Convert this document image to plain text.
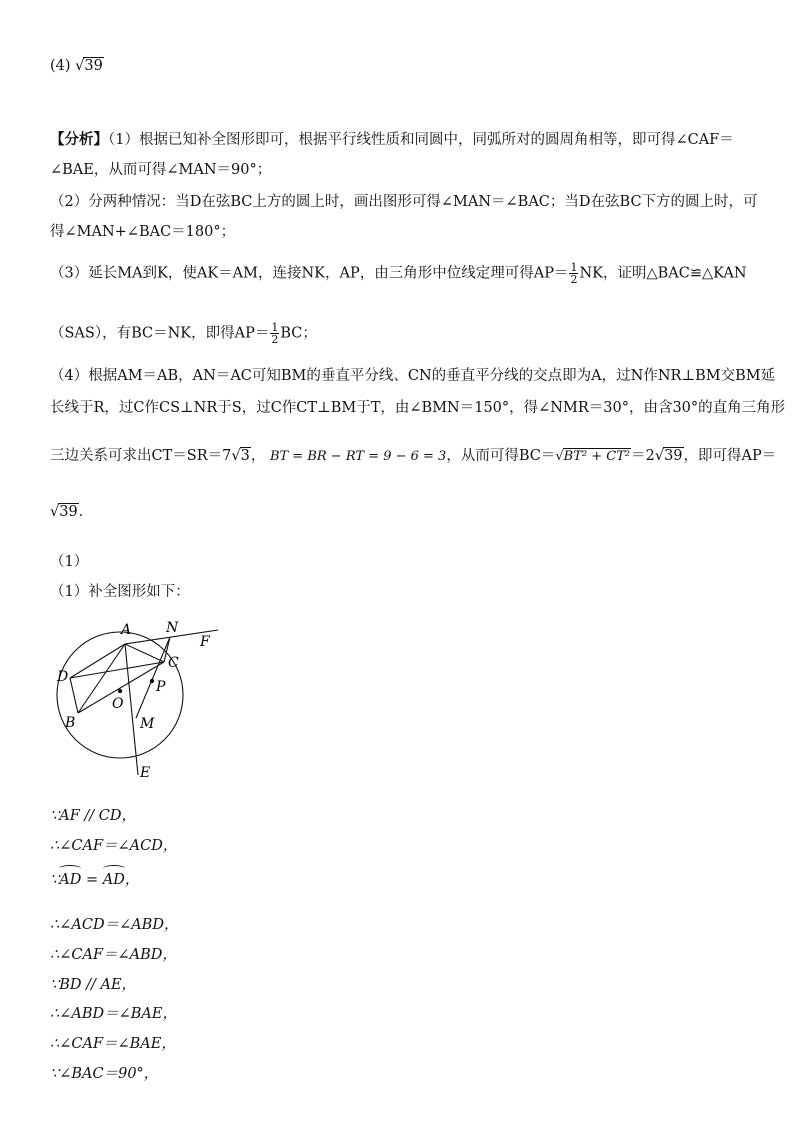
(4) √39
【分析】（1）根据已知补全图形即可，根据平行线性质和同圆中，同弧所对的圆周角相等，即可得∠CAF＝
∠BAE，从而可得∠MAN＝90°；
（2）分两种情况：当D在弦BC上方的圆上时，画出图形可得∠MAN＝∠BAC；当D在弦BC下方的圆上时，可
得∠MAN+∠BAC＝180°；
（3）延长MA到K，使AK＝AM，连接NK，AP，由三角形中位线定理可得$AP= \frac{1}{2}$ NK，证明△BAC≌△KAN
（SAS），有BC＝NK，即得$AP= \frac{1}{2}$ BC；
（4）根据AM＝AB，AN＝AC可知BM的垂直平分线、CN的垂直平分线的交点即为A，过N作NR⊥BM交BM延
长线于R，过C作CS⊥NR于S，过C作CT⊥BM于T，由∠BMN＝150°，得∠NMR＝30°，由含30°的直角三角形
三边关系可求出CT＝SR＝7√3， BT = BR − RT = 9 − 6 = 3，从而可得BC＝√BT² + CT²＝2√39，即可得AP＝
√39．
（1）
（1）补全图形如下：
A N
F
D
C
P
O
B	M
E
∵AF // CD，
∴∠CAF＝∠ACD，
∵AD = AD，
∴∠ACD＝∠ABD，
∴∠CAF＝∠ABD，
∵BD // AE，
∴∠ABD＝∠BAE，
∴∠CAF＝∠BAE，
∵∠BAC＝90°，
